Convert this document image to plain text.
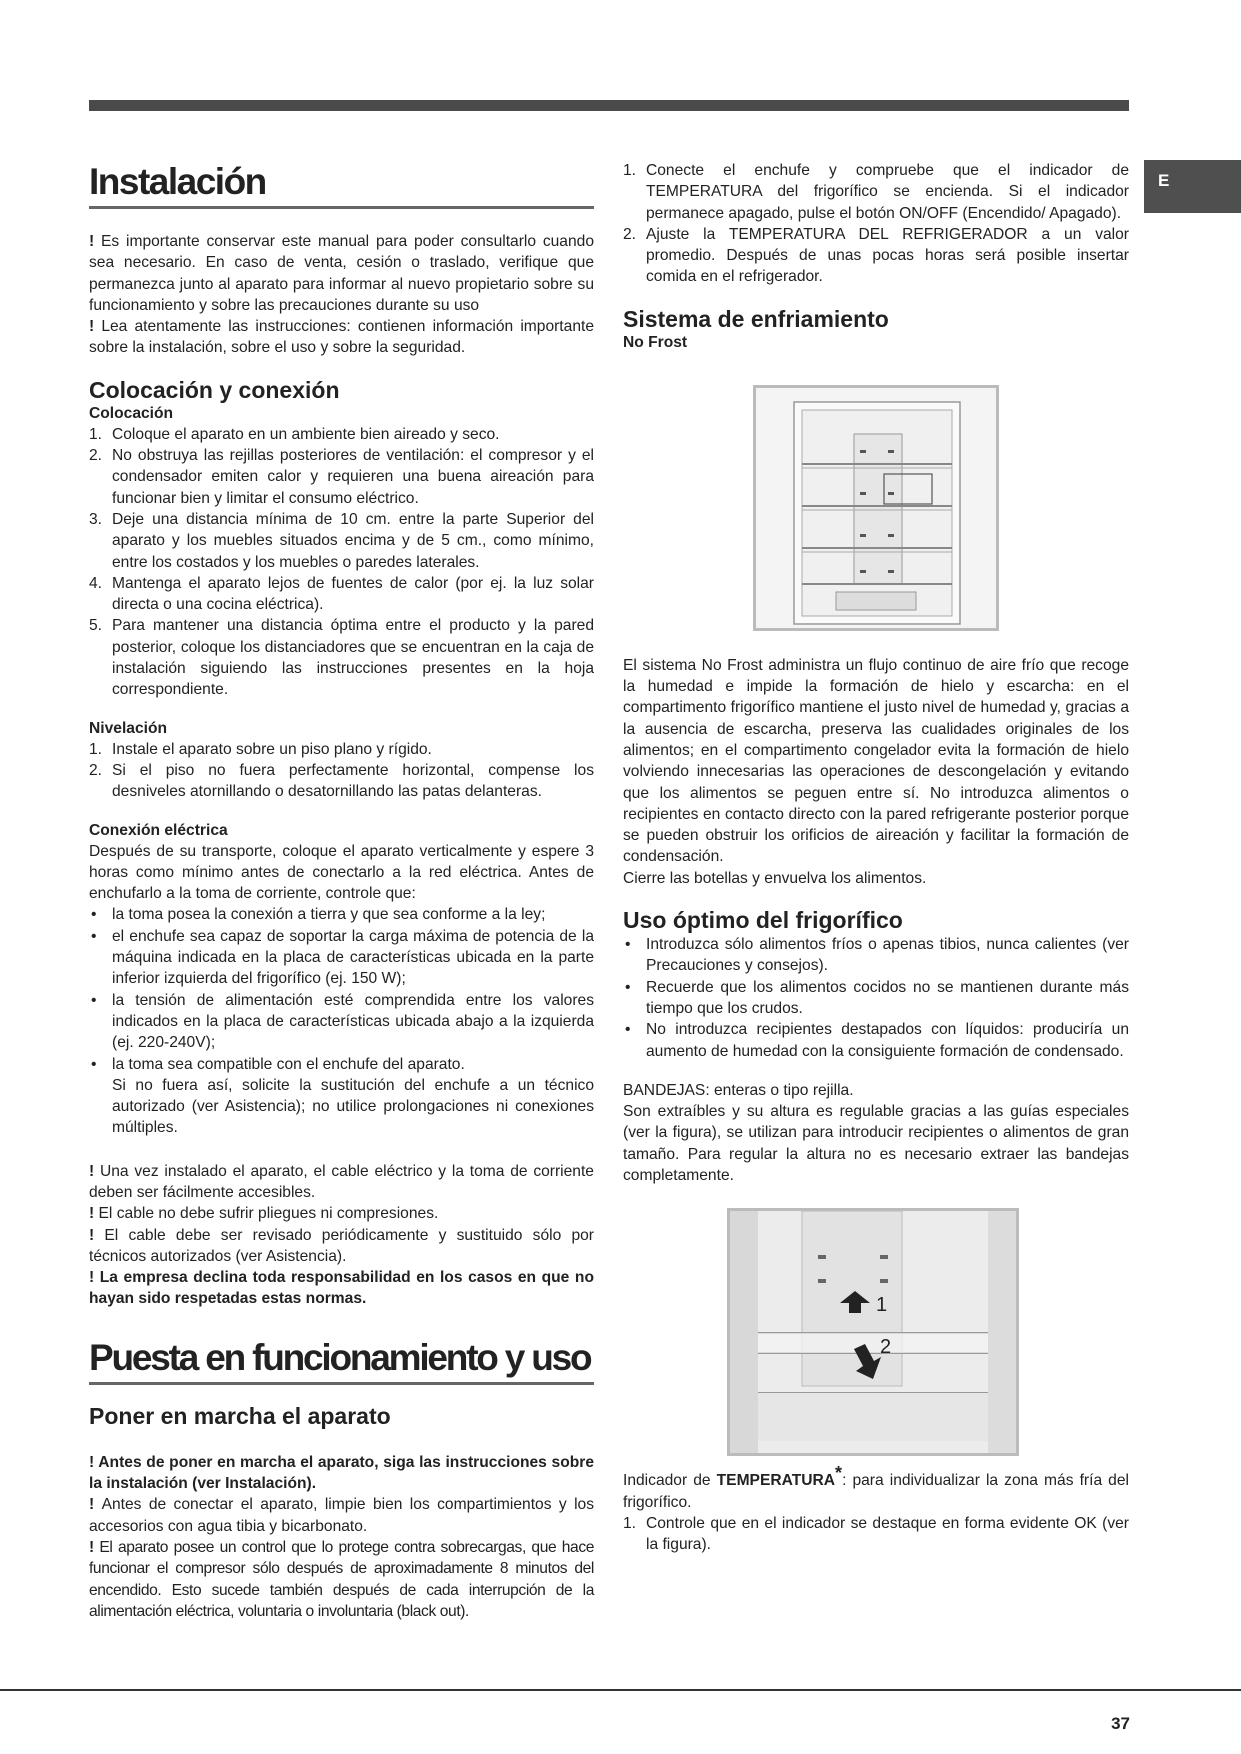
E
Instalación
! Es importante conservar este manual para poder consultarlo cuando sea necesario. En caso de venta, cesión o traslado, verifique que permanezca junto al aparato para informar al nuevo propietario sobre su funcionamiento y sobre las precauciones durante su uso
! Lea atentamente las instrucciones: contienen información importante sobre la instalación, sobre el uso y sobre la seguridad.
Colocación y conexión
Colocación
1. Coloque el aparato en un ambiente bien aireado y seco.
2. No obstruya las rejillas posteriores de ventilación: el compresor y el condensador emiten calor y requieren una buena aireación para funcionar bien y limitar el consumo eléctrico.
3. Deje una distancia mínima de 10 cm. entre la parte Superior del aparato y los muebles situados encima y de 5 cm., como mínimo, entre los costados y los muebles o paredes laterales.
4. Mantenga el aparato lejos de fuentes de calor (por ej. la luz solar directa o una cocina eléctrica).
5. Para mantener una distancia óptima entre el producto y la pared posterior, coloque los distanciadores que se encuentran en la caja de instalación siguiendo las instrucciones presentes en la hoja correspondiente.
Nivelación
1. Instale el aparato sobre un piso plano y rígido.
2. Si el piso no fuera perfectamente horizontal, compense los desniveles atornillando o desatornillando las patas delanteras.
Conexión eléctrica
Después de su transporte, coloque el aparato verticalmente y espere 3 horas como mínimo antes de conectarlo a la red eléctrica. Antes de enchufarlo a la toma de corriente, controle que:
• la toma posea la conexión a tierra y que sea conforme a la ley;
• el enchufe sea capaz de soportar la carga máxima de potencia de la máquina indicada en la placa de características ubicada en la parte inferior izquierda del frigorífico (ej. 150 W);
• la tensión de alimentación esté comprendida entre los valores indicados en la placa de características ubicada abajo a la izquierda (ej. 220-240V);
• la toma sea compatible con el enchufe del aparato.
Si no fuera así, solicite la sustitución del enchufe a un técnico autorizado (ver Asistencia); no utilice prolongaciones ni conexiones múltiples.
! Una vez instalado el aparato, el cable eléctrico y la toma de corriente deben ser fácilmente accesibles.
! El cable no debe sufrir pliegues ni compresiones.
! El cable debe ser revisado periódicamente y sustituido sólo por técnicos autorizados (ver Asistencia).
! La empresa declina toda responsabilidad en los casos en que no hayan sido respetadas estas normas.
Puesta en funcionamiento y uso
Poner en marcha el aparato
! Antes de poner en marcha el aparato, siga las instrucciones sobre la instalación (ver Instalación).
! Antes de conectar el aparato, limpie bien los compartimientos y los accesorios con agua tibia y bicarbonato.
! El aparato posee un control que lo protege contra sobrecargas, que hace funcionar el compresor sólo después de aproximadamente 8 minutos del encendido. Esto sucede también después de cada interrupción de la alimentación eléctrica, voluntaria o involuntaria (black out).
1. Conecte el enchufe y compruebe que el indicador de TEMPERATURA del frigorífico se encienda. Si el indicador permanece apagado, pulse el botón ON/OFF (Encendido/ Apagado).
2. Ajuste la TEMPERATURA DEL REFRIGERADOR a un valor promedio. Después de unas pocas horas será posible insertar comida en el refrigerador.
Sistema de enfriamiento
No Frost
El sistema No Frost administra un flujo continuo de aire frío que recoge la humedad e impide la formación de hielo y escarcha: en el compartimento frigorífico mantiene el justo nivel de humedad y, gracias a la ausencia de escarcha, preserva las cualidades originales de los alimentos; en el compartimento congelador evita la formación de hielo volviendo innecesarias las operaciones de descongelación y evitando que los alimentos se peguen entre sí. No introduzca alimentos o recipientes en contacto directo con la pared refrigerante posterior porque se pueden obstruir los orificios de aireación y facilitar la formación de condensación.
Cierre las botellas y envuelva los alimentos.
Uso óptimo del frigorífico
• Introduzca sólo alimentos fríos o apenas tibios, nunca calientes (ver Precauciones y consejos).
• Recuerde que los alimentos cocidos no se mantienen durante más tiempo que los crudos.
• No introduzca recipientes destapados con líquidos: produciría un aumento de humedad con la consiguiente formación de condensado.
BANDEJAS: enteras o tipo rejilla.
Son extraíbles y su altura es regulable gracias a las guías especiales (ver la figura), se utilizan para introducir recipientes o alimentos de gran tamaño. Para regular la altura no es necesario extraer las bandejas completamente.
1
2
Indicador de TEMPERATURA*: para individualizar la zona más fría del frigorífico.
1. Controle que en el indicador se destaque en forma evidente OK (ver la figura).
37
